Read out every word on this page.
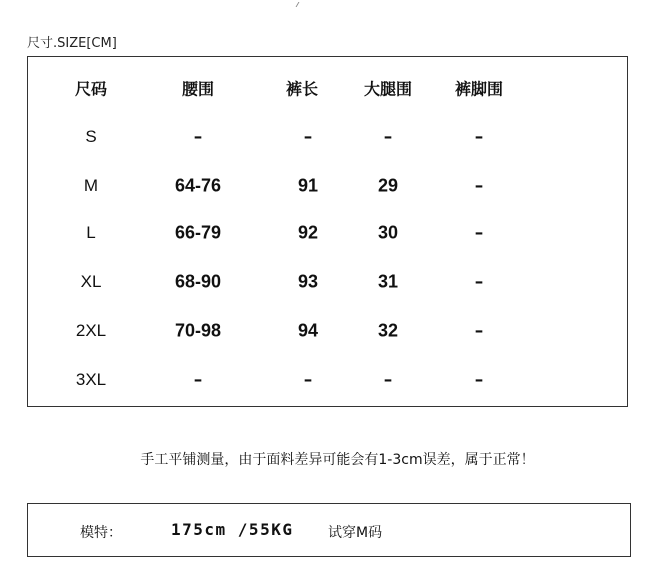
尺寸.SIZE[CM]
尺码	腰围	裤长	大腿围	裤脚围
S	–	–	–	–
M	64-76	91	29	–
L	66-79	92	30	–
XL	68-90	93	31	–
2XL	70-98	94	32	–
3XL	–	–	–	–
手工平铺测量，由于面料差异可能会有1-3cm误差，属于正常！
模特：	175cm /55KG 试穿M码
